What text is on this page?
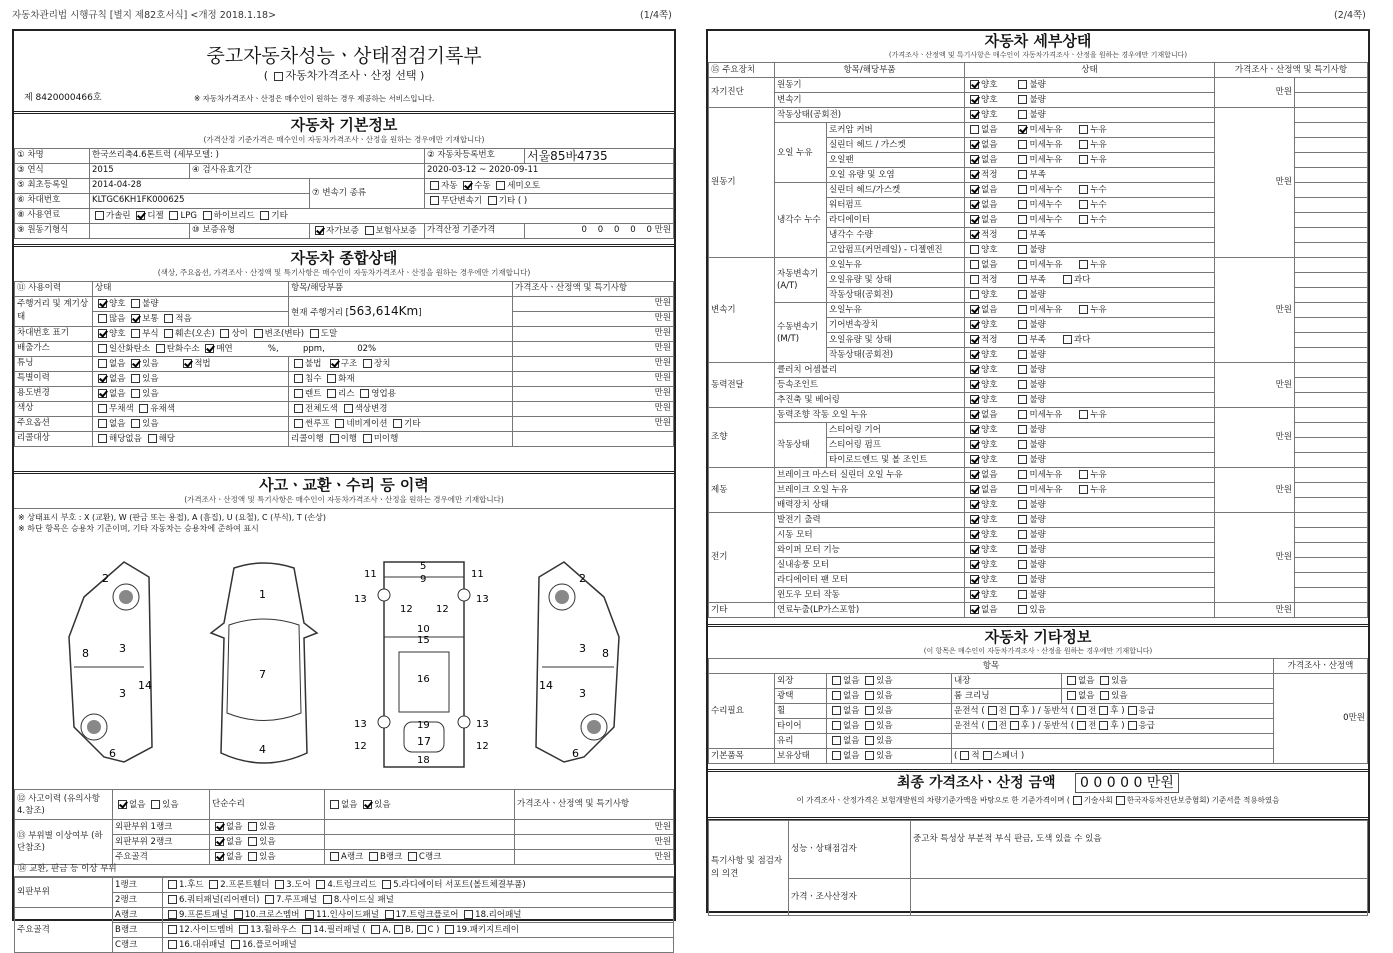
자동차관리법 시행규칙 [별지 제82호서식] <개정 2018.1.18>	(1/4쪽)	(2/4쪽)
중고자동차성능ㆍ상태점검기록부
( 자동차가격조사ㆍ산정 선택 )
제 8420000466호	※ 자동차가격조사ㆍ산정은 매수인이 원하는 경우 제공하는 서비스입니다.
자동차 기본정보
(가격산정 기준가격은 매수인이 자동차가격조사ㆍ산정을 원하는 경우에만 기재합니다)
① 차명	한국쓰리축4.6톤트럭 (세부모델: )			② 자동차등록번호	서울85바4735
③ 연식	2015	④ 검사유효기간		2020-03-12 ~ 2020-09-11	
⑤ 최초등록일	2014-04-28		⑦ 변속기 종류	자동 수동 세미오토	
⑥ 차대번호	KLTGC6KH1FK000625			무단변속기 기타 ( )	
⑧ 사용연료	가솔린 디젤 LPG 하이브리드 기타				
⑨ 원동기형식		⑩ 보증유형	자가보증 보험사보증	가격산정 기준가격	0 0 0 0 0 만원
자동차 종합상태
(색상, 주요옵션, 가격조사ㆍ산정액 및 특기사항은 매수인이 자동차가격조사ㆍ산정을 원하는 경우에만 기재합니다)
⑪ 사용이력	상태	항목/해당부품	가격조사ㆍ산정액 및 특기사항
주행거리 및 계기상태	양호 불량	현재 주행거리 [563,614Km]	만원
	많음 보통 적음		만원
차대번호 표기	양호 부식 훼손(오손) 상이 변조(변타) 도말		만원
배출가스	일산화탄소 탄화수소 매연 %, ppm, 02%		만원
튜닝	없음 있음 적법	불법 구조 장치	만원
특별이력	없음 있음	침수 화재	만원
용도변경	없음 있음	렌트 리스 영업용	만원
색상	무채색 유채색	전체도색 색상변경	만원
주요옵션	없음 있음	썬루프 네비게이션 기타	만원
리콜대상	해당없음 해당	리콜이행 이행 미이행	
사고ㆍ교환ㆍ수리 등 이력
(가격조사ㆍ산정액 및 특기사항은 매수인이 자동차가격조사ㆍ산정을 원하는 경우에만 기재합니다)
※ 상태표시 부호 : X (교환), W (판금 또는 용접), A (흠집), U (요철), C (부식), T (손상)
※ 하단 항목은 승용차 기준이며, 기타 자동차는 승용차에 준하여 표시
2
3
3
8
14
6
1
7
4
5
11	11
9
13	13
12 12
10
15
16
13	13
19
12	12
17
18
2
3
3
8
14
6
⑫ 사고이력 (유의사항 4.참조)	없음 있음	단순수리	없음 있음	가격조사ㆍ산정액 및 특기사항
⑬ 부위별 이상여부 (하단참조)	외판부위 1랭크	없음 있음		만원
	외판부위 2랭크	없음 있음		만원
	주요골격	없음 있음	A랭크 B랭크 C랭크	만원
⑭ 교환, 판금 등 이상 부위
외판부위	1랭크	1.후드 2.프론트휀더 3.도어 4.트렁크리드 5.라디에이터 서포트(볼트체결부품)
	2랭크	6.쿼터패널(리어펜더) 7.루프패널 8.사이드실 패널
주요골격	A랭크	9.프론트패널 10.크로스멤버 11.인사이드패널 17.트렁크플로어 18.리어패널
	B랭크	12.사이드멤버 13.휠하우스 14.필러패널 ( A, B, C ) 19.패키지트레이
	C랭크	16.대쉬패널 16.플로어패널
자동차 세부상태
(가격조사ㆍ산정액 및 특기사항은 매수인이 자동차가격조사ㆍ산정을 원하는 경우에만 기재합니다)
⑮ 주요장치	항목/해당부품		상태	가격조사ㆍ산정액 및 특기사항	
자기진단	원동기		양호 불량	만원	
	변속기		양호 불량		
원동기	작동상태(공회전)		양호 불량	만원	
	오일 누유	로커암 커버	없음 미세누유 누유		
		실린더 헤드 / 가스켓	없음 미세누유 누유		
		오일팬	없음 미세누유 누유		
		오일 유량 및 오염	적정 부족		
	냉각수 누수	실린더 헤드/가스켓	없음 미세누수 누수		
		워터펌프	없음 미세누수 누수		
		라디에이터	없음 미세누수 누수		
		냉각수 수량	적정 부족		
		고압펌프(커먼레일) - 디젤엔진	양호 불량		
변속기	자동변속기 (A/T)	오일누유	없음 미세누유 누유	만원	
		오일유량 및 상태	적정 부족 과다		
		작동상태(공회전)	양호 불량		
	수동변속기 (M/T)	오일누유	없음 미세누유 누유		
		기어변속장치	양호 불량		
		오일유량 및 상태	적정 부족 과다		
		작동상태(공회전)	양호 불량		
동력전달	클러치 어셈블리		양호 불량	만원	
	등속조인트		양호 불량		
	추진축 및 베어링		양호 불량		
조향	동력조향 작동 오일 누유		없음 미세누유 누유	만원	
	작동상태	스티어링 기어	양호 불량		
		스티어링 펌프	양호 불량		
		타이로드엔드 및 볼 조인트	양호 불량		
제동	브레이크 마스터 실린더 오일 누유		없음 미세누유 누유	만원	
	브레이크 오일 누유		없음 미세누유 누유		
	배력장치 상태		양호 불량		
전기	발전기 출력		양호 불량	만원	
	시동 모터		양호 불량		
	와이퍼 모터 기능		양호 불량		
	실내송풍 모터		양호 불량		
	라디에이터 팬 모터		양호 불량		
	윈도우 모터 작동		양호 불량		
기타	연료누출(LP가스포함)		없음 있음	만원	
자동차 기타정보
(이 항목은 매수인이 자동차가격조사ㆍ산정을 원하는 경우에만 기재합니다)
항목					가격조사ㆍ산정액
수리필요	외장	없음 있음	내장	없음 있음	0만원
	광택	없음 있음	룸 크리닝	없음 있음	
	휠	없음 있음	운전석 ( 전 후 ) / 동반석 ( 전 후 ) 응급		
	타이어	없음 있음	운전석 ( 전 후 ) / 동반석 ( 전 후 ) 응급		
	유리	없음 있음			
기본품목	보유상태	없음 있음	( 적 스페너 )		
최종 가격조사ㆍ산정 금액 0 0 0 0 0 만원
이 가격조사ㆍ산정가격은 보험개발원의 차량기준가액을 바탕으로 한 기준가격이며 ( 기술사회 한국자동차진단보증협회) 기준서를 적용하였음
특기사항 및 점검자의 의견	성능ㆍ상태점검자	중고차 특성상 부분적 부식 판금, 도색 있을 수 있음
	가격ㆍ조사산정자	
